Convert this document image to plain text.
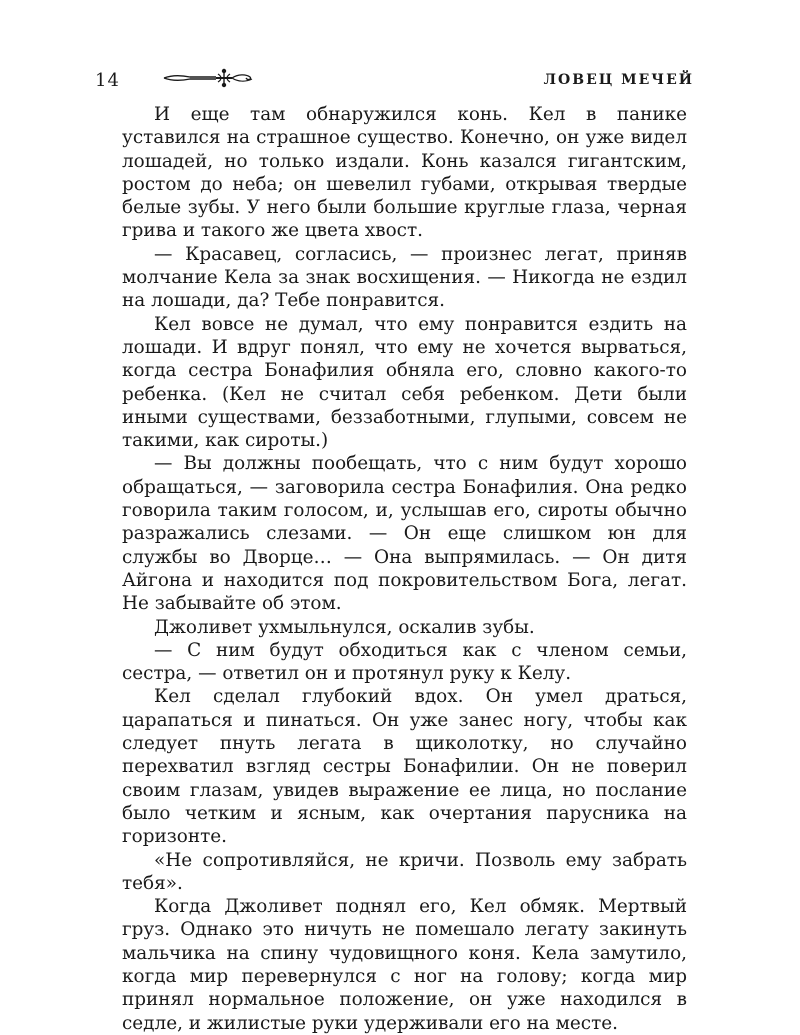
14	ЛОВЕЦ МЕЧЕЙ

И еще там обнаружился конь. Кел в панике уставился на страшное существо. Конечно, он уже видел лошадей, но только издали. Конь казался гигантским, ростом до неба; он шевелил губами, открывая твердые белые зубы. У него были большие круглые глаза, черная грива и такого же цвета хвост.

— Красавец, согласись, — произнес легат, приняв молчание Кела за знак восхищения. — Никогда не ездил на лошади, да? Тебе понравится.

Кел вовсе не думал, что ему понравится ездить на лошади. И вдруг понял, что ему не хочется вырваться, когда сестра Бонафилия обняла его, словно какого-то ребенка. (Кел не считал себя ребенком. Дети были иными существами, беззаботными, глупыми, совсем не такими, как сироты.)

— Вы должны пообещать, что с ним будут хорошо обращаться, — заговорила сестра Бонафилия. Она редко говорила таким голосом, и, услышав его, сироты обычно разражались слезами. — Он еще слишком юн для службы во Дворце… — Она выпрямилась. — Он дитя Айгона и находится под покровительством Бога, легат. Не забывайте об этом.

Джоливет ухмыльнулся, оскалив зубы.

— С ним будут обходиться как с членом семьи, сестра, — ответил он и протянул руку к Келу.

Кел сделал глубокий вдох. Он умел драться, царапаться и пинаться. Он уже занес ногу, чтобы как следует пнуть легата в щиколотку, но случайно перехватил взгляд сестры Бонафилии. Он не поверил своим глазам, увидев выражение ее лица, но послание было четким и ясным, как очертания парусника на горизонте.

«Не сопротивляйся, не кричи. Позволь ему забрать тебя».

Когда Джоливет поднял его, Кел обмяк. Мертвый груз. Однако это ничуть не помешало легату закинуть мальчика на спину чудовищного коня. Кела замутило, когда мир перевернулся с ног на голову; когда мир принял нормальное положение, он уже находился в седле, и жилистые руки удерживали его на месте.
